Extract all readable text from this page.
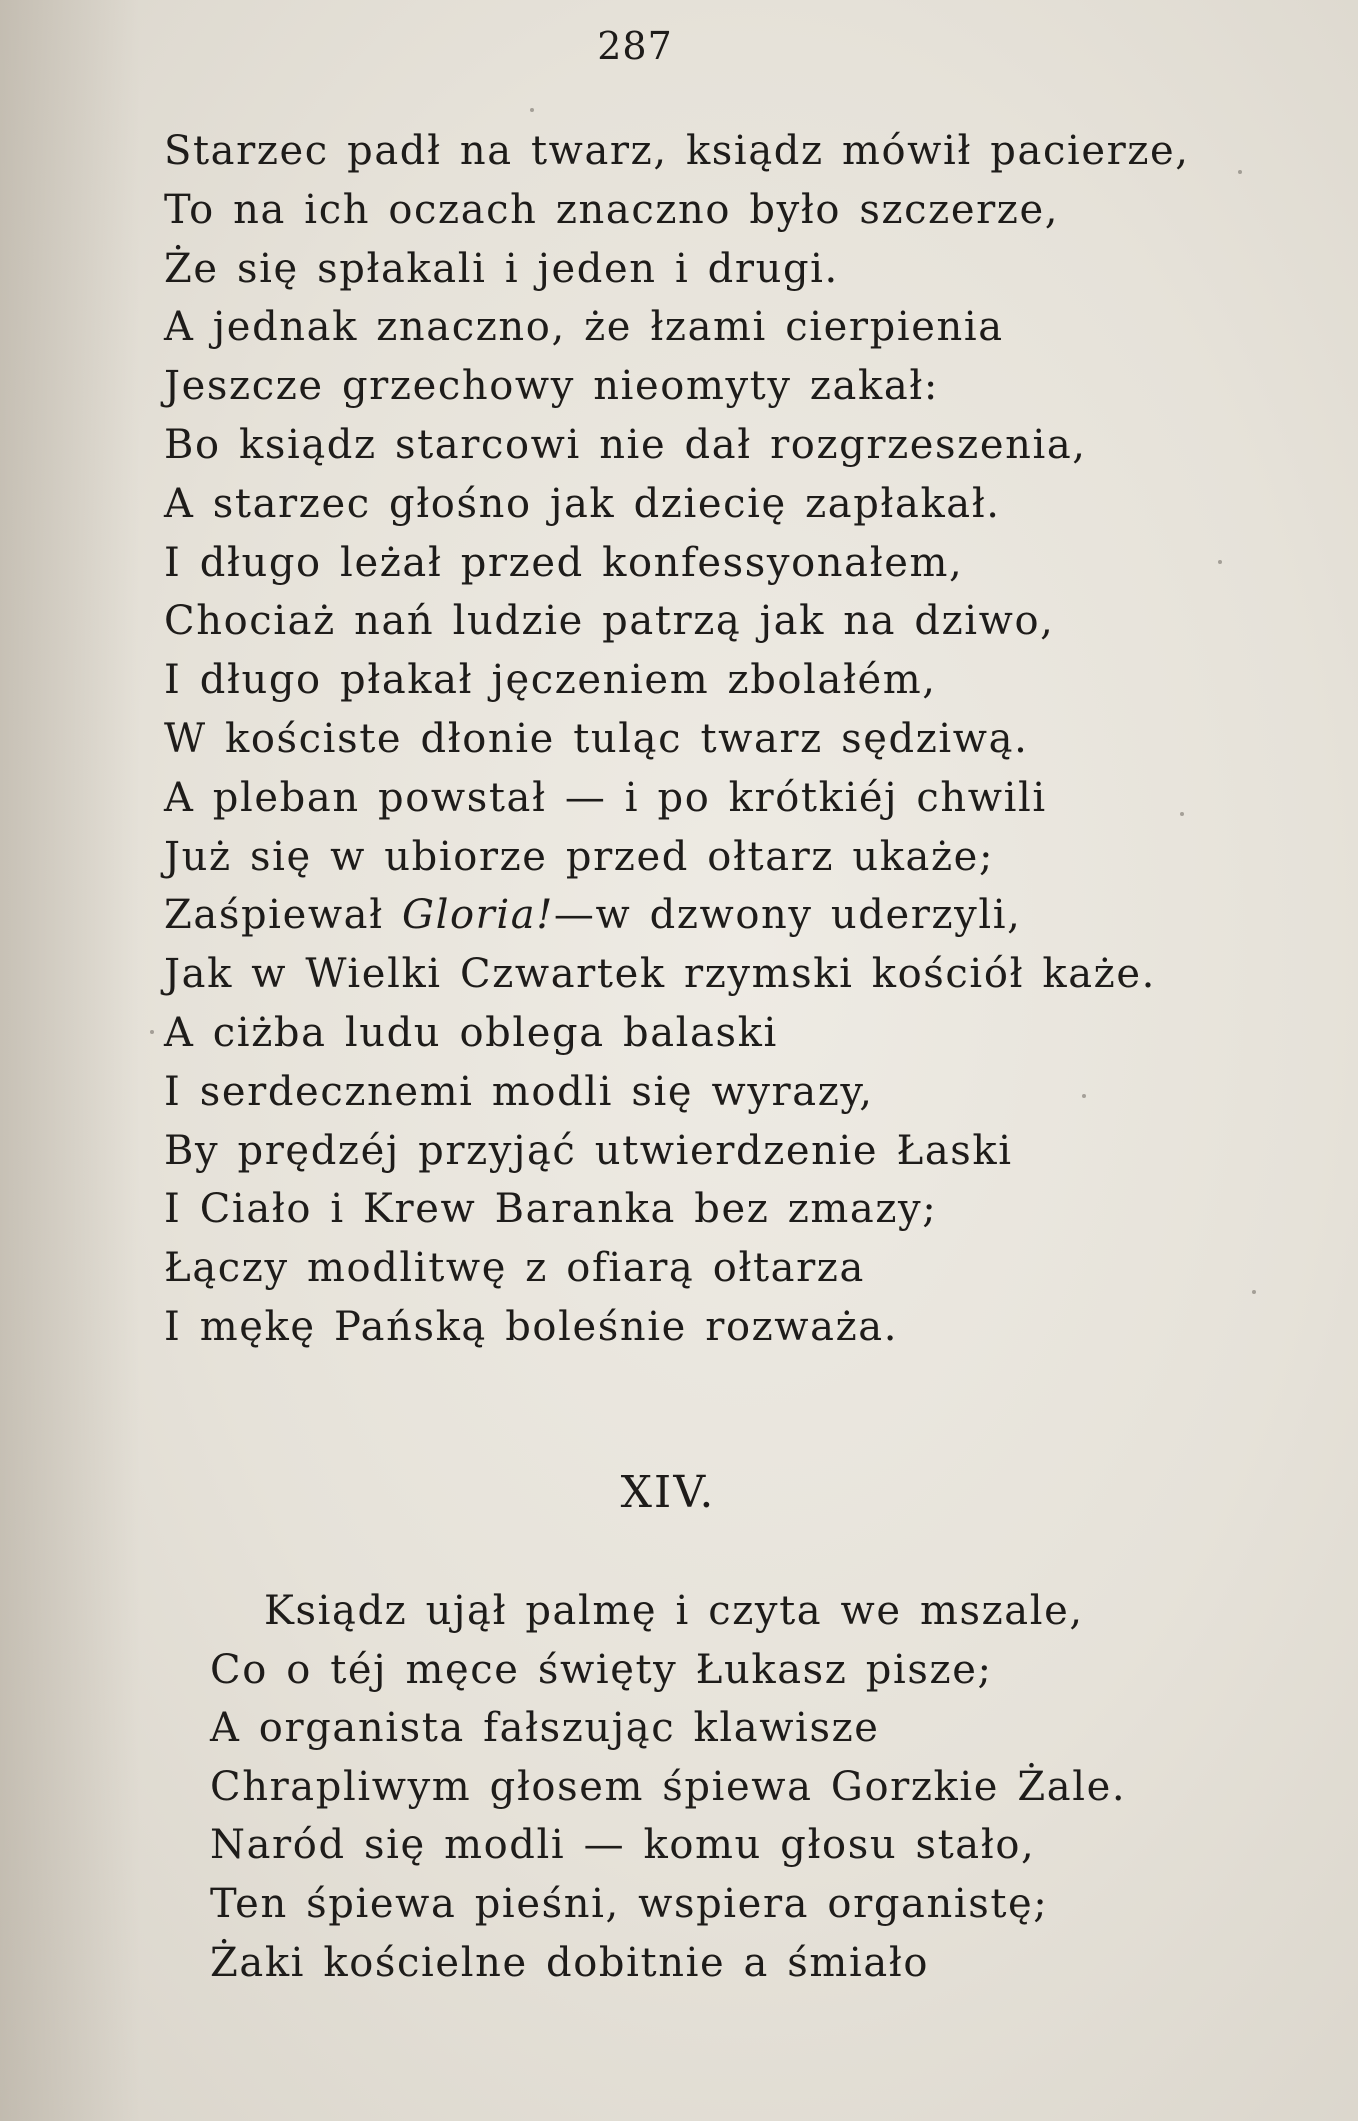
287
Starzec padł na twarz, ksiądz mówił pacierze,
To na ich oczach znaczno było szczerze,
Że się spłakali i jeden i drugi.
A jednak znaczno, że łzami cierpienia
Jeszcze grzechowy nieomyty zakał:
Bo ksiądz starcowi nie dał rozgrzeszenia,
A starzec głośno jak dziecię zapłakał.
I długo leżał przed konfessyonałem,
Chociaż nań ludzie patrzą jak na dziwo,
I długo płakał jęczeniem zbolałém,
W kościste dłonie tuląc twarz sędziwą.
A pleban powstał — i po krótkiéj chwili
Już się w ubiorze przed ołtarz ukaże;
Zaśpiewał Gloria!—w dzwony uderzyli,
Jak w Wielki Czwartek rzymski kościół każe.
A ciżba ludu oblega balaski
I serdecznemi modli się wyrazy,
By prędzéj przyjąć utwierdzenie Łaski
I Ciało i Krew Baranka bez zmazy;
Łączy modlitwę z ofiarą ołtarza
I mękę Pańską boleśnie rozważa.
XIV.
Ksiądz ujął palmę i czyta we mszale,
Co o téj męce święty Łukasz pisze;
A organista fałszując klawisze
Chrapliwym głosem śpiewa Gorzkie Żale.
Naród się modli — komu głosu stało,
Ten śpiewa pieśni, wspiera organistę;
Żaki kościelne dobitnie a śmiało
